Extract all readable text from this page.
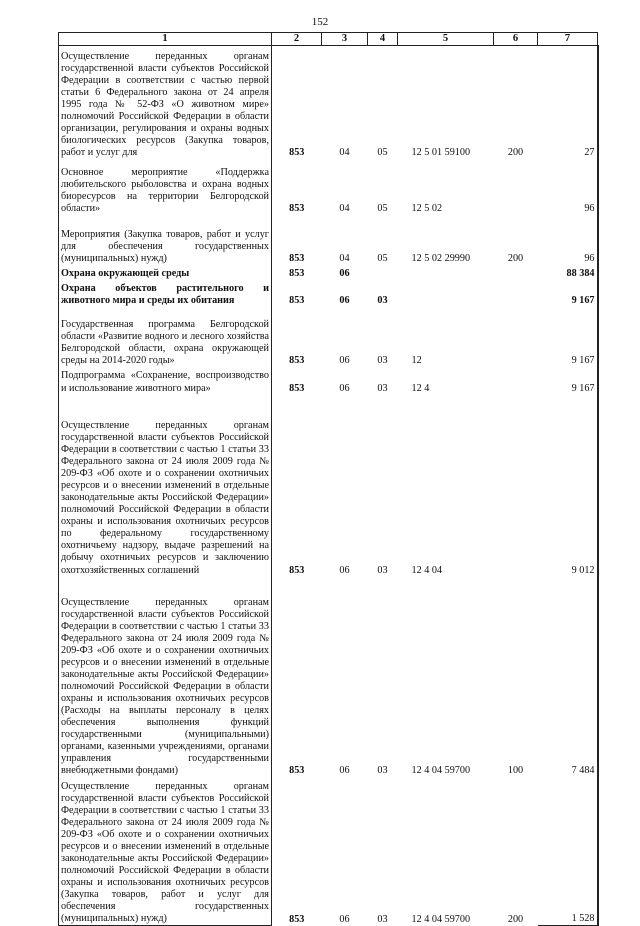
152
1	2	3	4	5	6	7
Осуществление переданных органам государственной власти субъектов Российской Федерации в соответствии с частью первой статьи 6 Федерального закона от 24 апреля 1995 года № 52-ФЗ «О животном мире» полномочий Российской Федерации в области организации, регулирования и охраны водных биологических ресурсов (Закупка товаров, работ и услуг для	853	04	05	12 5 01 59100	200	27
Основное мероприятие «Поддержка любительского рыболовства и охрана водных биоресурсов на территории Белгородской области»	853	04	05	12 5 02		96
Мероприятия (Закупка товаров, работ и услуг для обеспечения государственных (муниципальных) нужд)	853	04	05	12 5 02 29990	200	96
Охрана окружающей среды	853	06				88 384
Охрана объектов растительного и животного мира и среды их обитания	853	06	03			9 167
Государственная программа Белгородской области «Развитие водного и лесного хозяйства Белгородской области, охрана окружающей среды на 2014-2020 годы»	853	06	03	12		9 167
Подпрограмма «Сохранение, воспроизводство и использование животного мира»	853	06	03	12 4		9 167
Осуществление переданных органам государственной власти субъектов Российской Федерации в соответствии с частью 1 статьи 33 Федерального закона от 24 июля 2009 года № 209-ФЗ «Об охоте и о сохранении охотничьих ресурсов и о внесении изменений в отдельные законодательные акты Российской Федерации» полномочий Российской Федерации в области охраны и использования охотничьих ресурсов по федеральному государственному охотничьему надзору, выдаче разрешений на добычу охотничьих ресурсов и заключению охотхозяйственных соглашений	853	06	03	12 4 04		9 012
Осуществление переданных органам государственной власти субъектов Российской Федерации в соответствии с частью 1 статьи 33 Федерального закона от 24 июля 2009 года № 209-ФЗ «Об охоте и о сохранении охотничьих ресурсов и о внесении изменений в отдельные законодательные акты Российской Федерации» полномочий Российской Федерации в области охраны и использования охотничьих ресурсов (Расходы на выплаты персоналу в целях обеспечения выполнения функций государственными (муниципальными) органами, казенными учреждениями, органами управления государственными внебюджетными фондами)	853	06	03	12 4 04 59700	100	7 484
Осуществление переданных органам государственной власти субъектов Российской Федерации в соответствии с частью 1 статьи 33 Федерального закона от 24 июля 2009 года № 209-ФЗ «Об охоте и о сохранении охотничьих ресурсов и о внесении изменений в отдельные законодательные акты Российской Федерации» полномочий Российской Федерации в области охраны и использования охотничьих ресурсов (Закупка товаров, работ и услуг для обеспечения государственных (муниципальных) нужд)	853	06	03	12 4 04 59700	200	1 528
